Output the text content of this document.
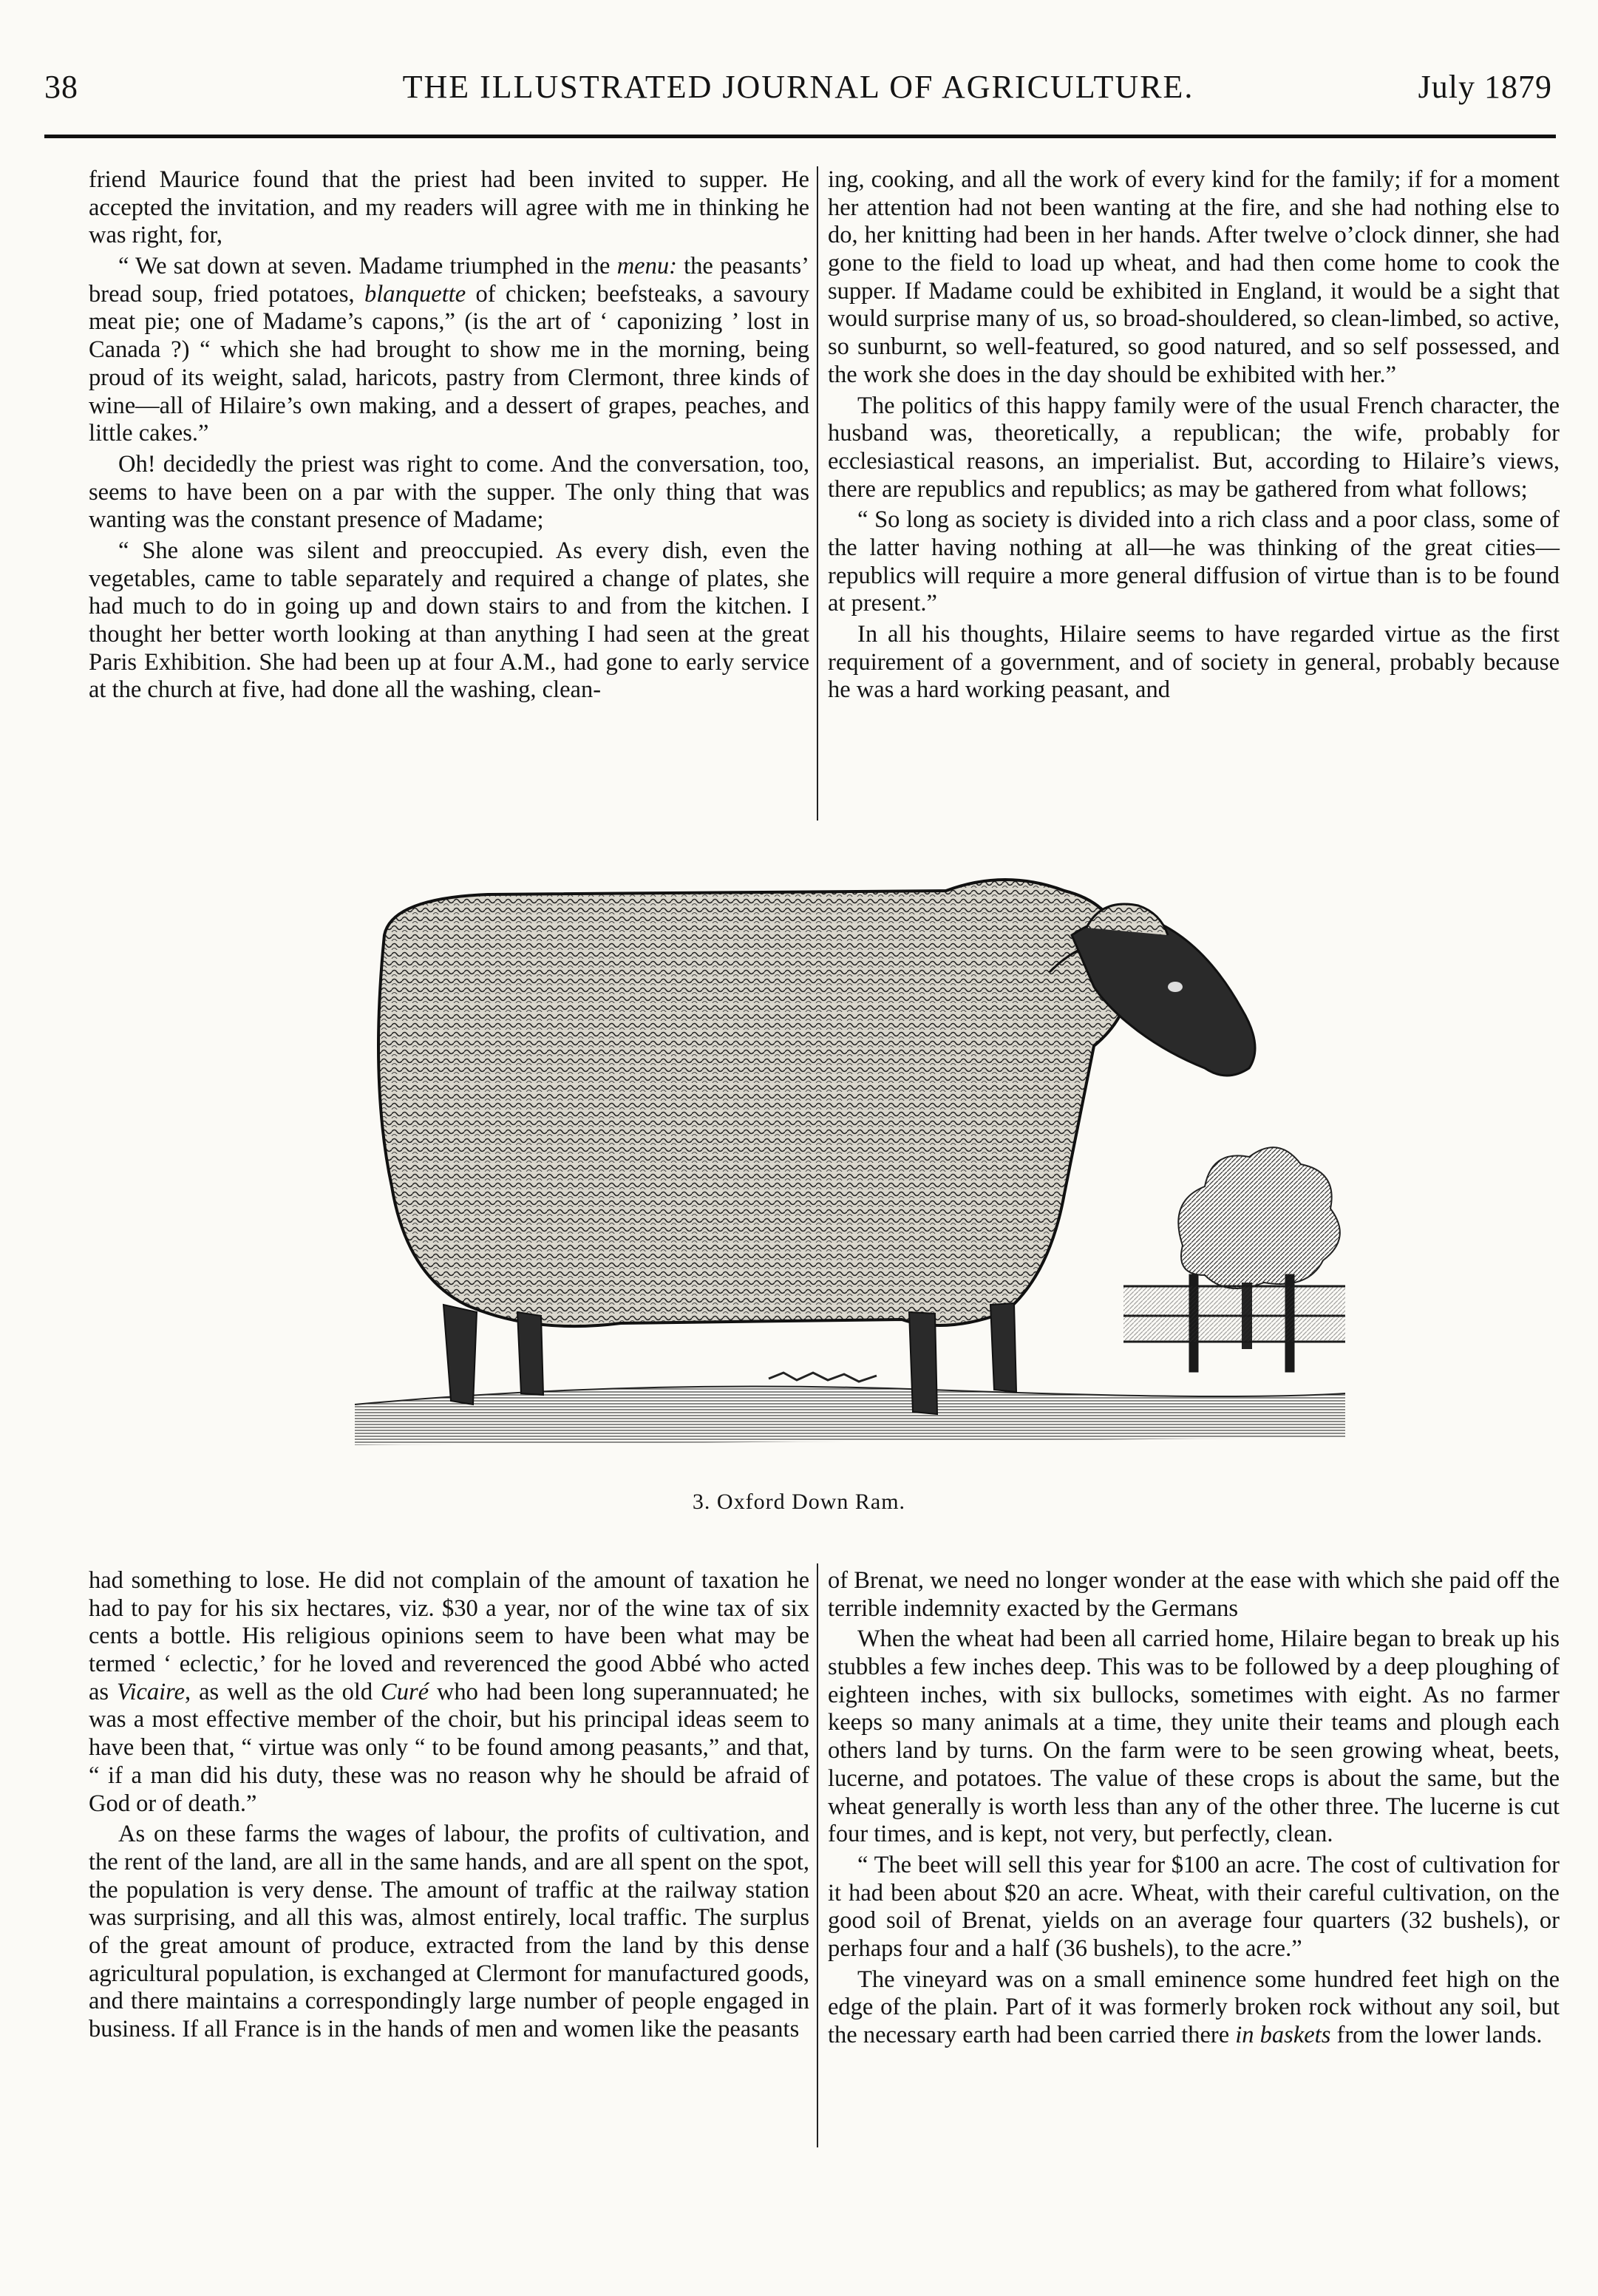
38	THE ILLUSTRATED JOURNAL OF AGRICULTURE.	July 1879

friend Maurice found that the priest had been invited to supper. He accepted the invitation, and my readers will agree with me in thinking he was right, for,

“ We sat down at seven. Madame triumphed in the menu: the peasants’ bread soup, fried potatoes, blanquette of chicken; beefsteaks, a savoury meat pie; one of Madame’s capons,” (is the art of ‘ caponizing ’ lost in Canada ?) “ which she had brought to show me in the morning, being proud of its weight, salad, haricots, pastry from Clermont, three kinds of wine—all of Hilaire’s own making, and a dessert of grapes, peaches, and little cakes.”

Oh! decidedly the priest was right to come. And the conversation, too, seems to have been on a par with the supper. The only thing that was wanting was the constant presence of Madame;

“ She alone was silent and preoccupied. As every dish, even the vegetables, came to table separately and required a change of plates, she had much to do in going up and down stairs to and from the kitchen. I thought her better worth looking at than anything I had seen at the great Paris Exhibition. She had been up at four A.M., had gone to early service at the church at five, had done all the washing, clean-

ing, cooking, and all the work of every kind for the family; if for a moment her attention had not been wanting at the fire, and she had nothing else to do, her knitting had been in her hands. After twelve o’clock dinner, she had gone to the field to load up wheat, and had then come home to cook the supper. If Madame could be exhibited in England, it would be a sight that would surprise many of us, so broad-shouldered, so clean-limbed, so active, so sunburnt, so well-featured, so good natured, and so self possessed, and the work she does in the day should be exhibited with her.”

The politics of this happy family were of the usual French character, the husband was, theoretically, a republican; the wife, probably for ecclesiastical reasons, an imperialist. But, according to Hilaire’s views, there are republics and republics; as may be gathered from what follows;

“ So long as society is divided into a rich class and a poor class, some of the latter having nothing at all—he was thinking of the great cities—republics will require a more general diffusion of virtue than is to be found at present.”

In all his thoughts, Hilaire seems to have regarded virtue as the first requirement of a government, and of society in general, probably because he was a hard working peasant, and

3. Oxford Down Ram.

had something to lose. He did not complain of the amount of taxation he had to pay for his six hectares, viz. $30 a year, nor of the wine tax of six cents a bottle. His religious opinions seem to have been what may be termed ‘ eclectic,’ for he loved and reverenced the good Abbé who acted as Vicaire, as well as the old Curé who had been long superannuated; he was a most effective member of the choir, but his principal ideas seem to have been that, “ virtue was only “ to be found among peasants,” and that, “ if a man did his duty, these was no reason why he should be afraid of God or of death.”

As on these farms the wages of labour, the profits of cultivation, and the rent of the land, are all in the same hands, and are all spent on the spot, the population is very dense. The amount of traffic at the railway station was surprising, and all this was, almost entirely, local traffic. The surplus of the great amount of produce, extracted from the land by this dense agricultural population, is exchanged at Clermont for manufactured goods, and there maintains a correspondingly large number of people engaged in business. If all France is in the hands of men and women like the peasants

of Brenat, we need no longer wonder at the ease with which she paid off the terrible indemnity exacted by the Germans

When the wheat had been all carried home, Hilaire began to break up his stubbles a few inches deep. This was to be followed by a deep ploughing of eighteen inches, with six bullocks, sometimes with eight. As no farmer keeps so many animals at a time, they unite their teams and plough each others land by turns. On the farm were to be seen growing wheat, beets, lucerne, and potatoes. The value of these crops is about the same, but the wheat generally is worth less than any of the other three. The lucerne is cut four times, and is kept, not very, but perfectly, clean.

“ The beet will sell this year for $100 an acre. The cost of cultivation for it had been about $20 an acre. Wheat, with their careful cultivation, on the good soil of Brenat, yields on an average four quarters (32 bushels), or perhaps four and a half (36 bushels), to the acre.”

The vineyard was on a small eminence some hundred feet high on the edge of the plain. Part of it was formerly broken rock without any soil, but the necessary earth had been carried there in baskets from the lower lands.
